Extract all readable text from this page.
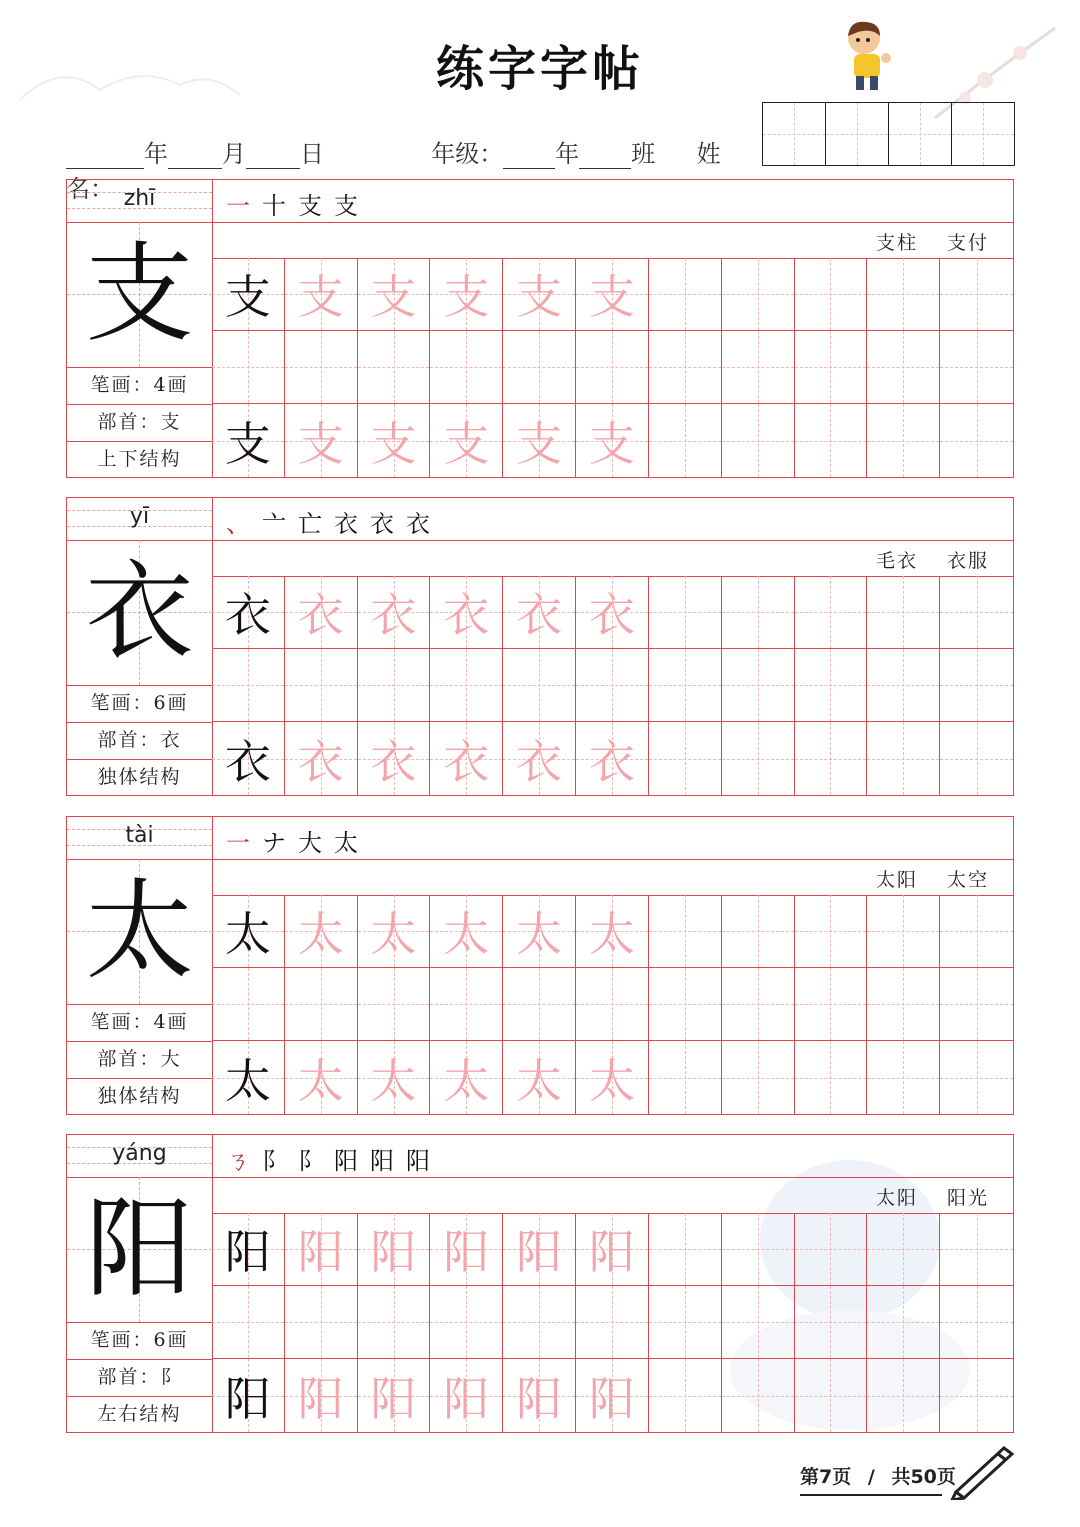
练字字帖
年 月 日	年级： 年 班 姓名： zhī
支
笔画：4画
部首：支
上下结构
一 十 支 支
支柱 支付
支 支 支 支 支 支
支 支 支 支 支 支
yī
衣
笔画：6画
部首：衣
独体结构
、 亠 亡 衣 衣 衣
毛衣 衣服
衣 衣 衣 衣 衣 衣
衣 衣 衣 衣 衣 衣
tài
太
笔画：4画
部首：大
独体结构
一 ナ 大 太
太阳 太空
太 太 太 太 太 太
太 太 太 太 太 太
yáng
阳
笔画：6画
部首：阝
左右结构
ㄋ 阝 阝 阳 阳 阳
太阳 阳光
阳 阳 阳 阳 阳 阳
阳 阳 阳 阳 阳 阳
第7页 / 共50页
